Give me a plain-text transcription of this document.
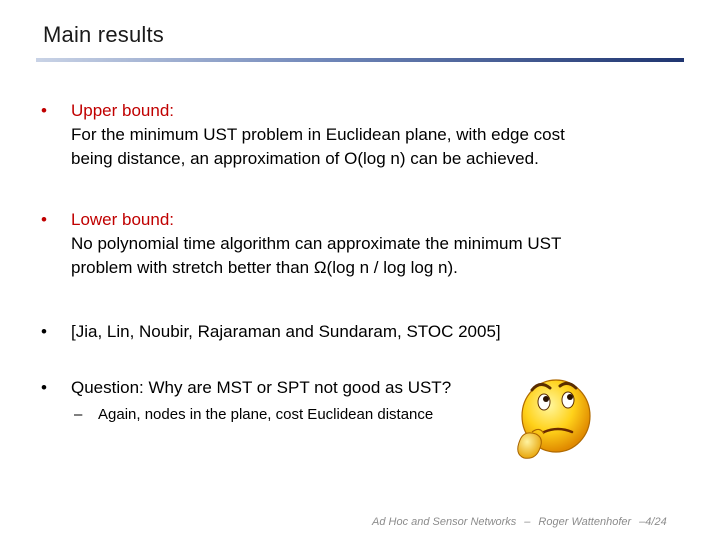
Main results
• Upper bound:
For the minimum UST problem in Euclidean plane, with edge cost
being distance, an approximation of O(log n) can be achieved.
• Lower bound:
No polynomial time algorithm can approximate the minimum UST
problem with stretch better than Ω(log n / log log n).
• [Jia, Lin, Noubir, Rajaraman and Sundaram, STOC 2005]
• Question: Why are MST or SPT not good as UST?
– Again, nodes in the plane, cost Euclidean distance
Ad Hoc and Sensor Networks – Roger Wattenhofer –4/24
